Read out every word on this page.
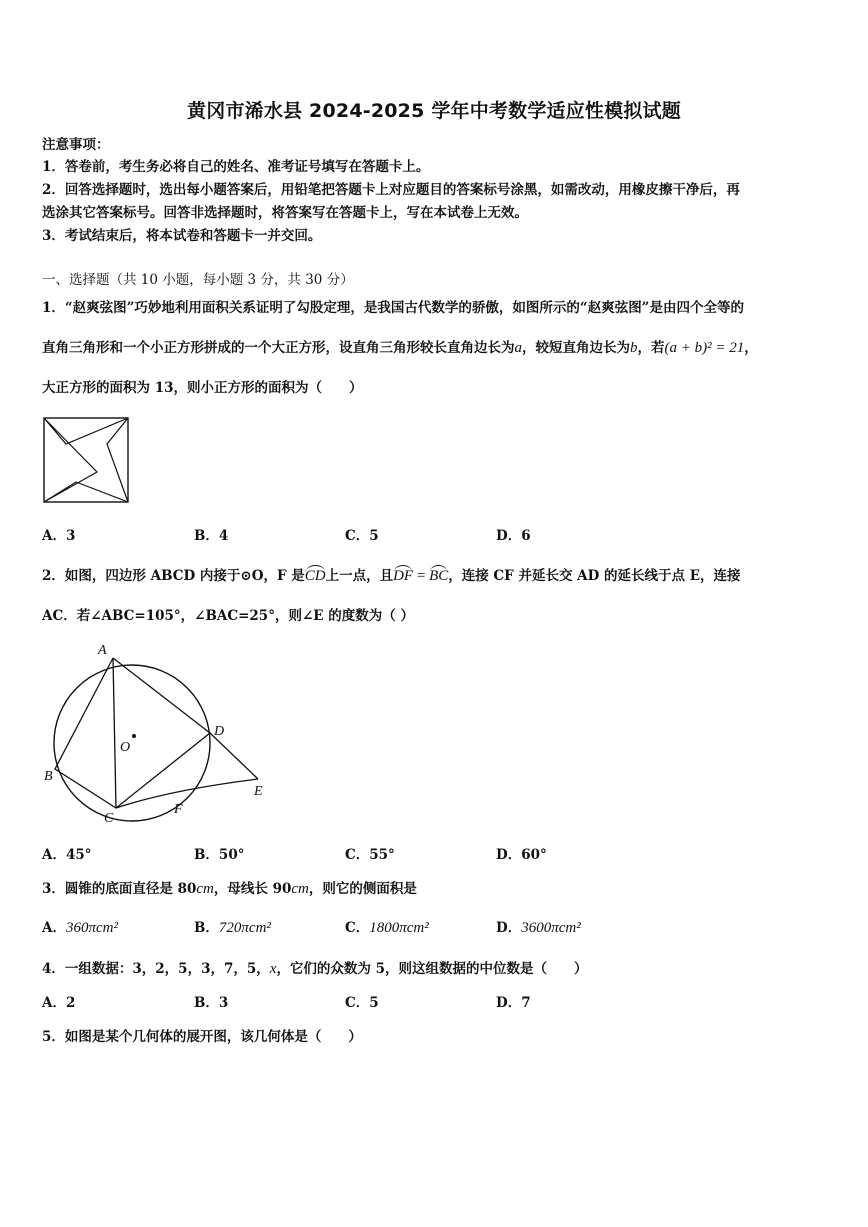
黄冈市浠水县 2024-2025 学年中考数学适应性模拟试题
注意事项：
1．答卷前，考生务必将自己的姓名、准考证号填写在答题卡上。
2．回答选择题时，选出每小题答案后，用铅笔把答题卡上对应题目的答案标号涂黑，如需改动，用橡皮擦干净后，再
选涂其它答案标号。回答非选择题时，将答案写在答题卡上，写在本试卷上无效。
3．考试结束后，将本试卷和答题卡一并交回。
一、选择题（共 10 小题，每小题 3 分，共 30 分）
1．“赵爽弦图”巧妙地利用面积关系证明了勾股定理，是我国古代数学的骄傲，如图所示的“赵爽弦图”是由四个全等的
直角三角形和一个小正方形拼成的一个大正方形，设直角三角形较长直角边长为a，较短直角边长为b，若(a + b)² = 21，
大正方形的面积为 13，则小正方形的面积为（　　）
A．3	B．4	C．5	D．6
2．如图，四边形 ABCD 内接于⊙O，F 是CD上一点，且DF = BC，连接 CF 并延长交 AD 的延长线于点 E，连接
AC．若∠ABC=105°，∠BAC=25°，则∠E 的度数为（ ）
A
B
C
D
E
F
O
A．45°	B．50°	C．55°	D．60°
3．圆锥的底面直径是 80cm，母线长 90cm，则它的侧面积是
A．360πcm²	B．720πcm²	C．1800πcm²	D．3600πcm²
4．一组数据：3，2，5，3，7，5，x，它们的众数为 5，则这组数据的中位数是（　　）
A．2	B．3	C．5	D．7
5．如图是某个几何体的展开图，该几何体是（　　）
